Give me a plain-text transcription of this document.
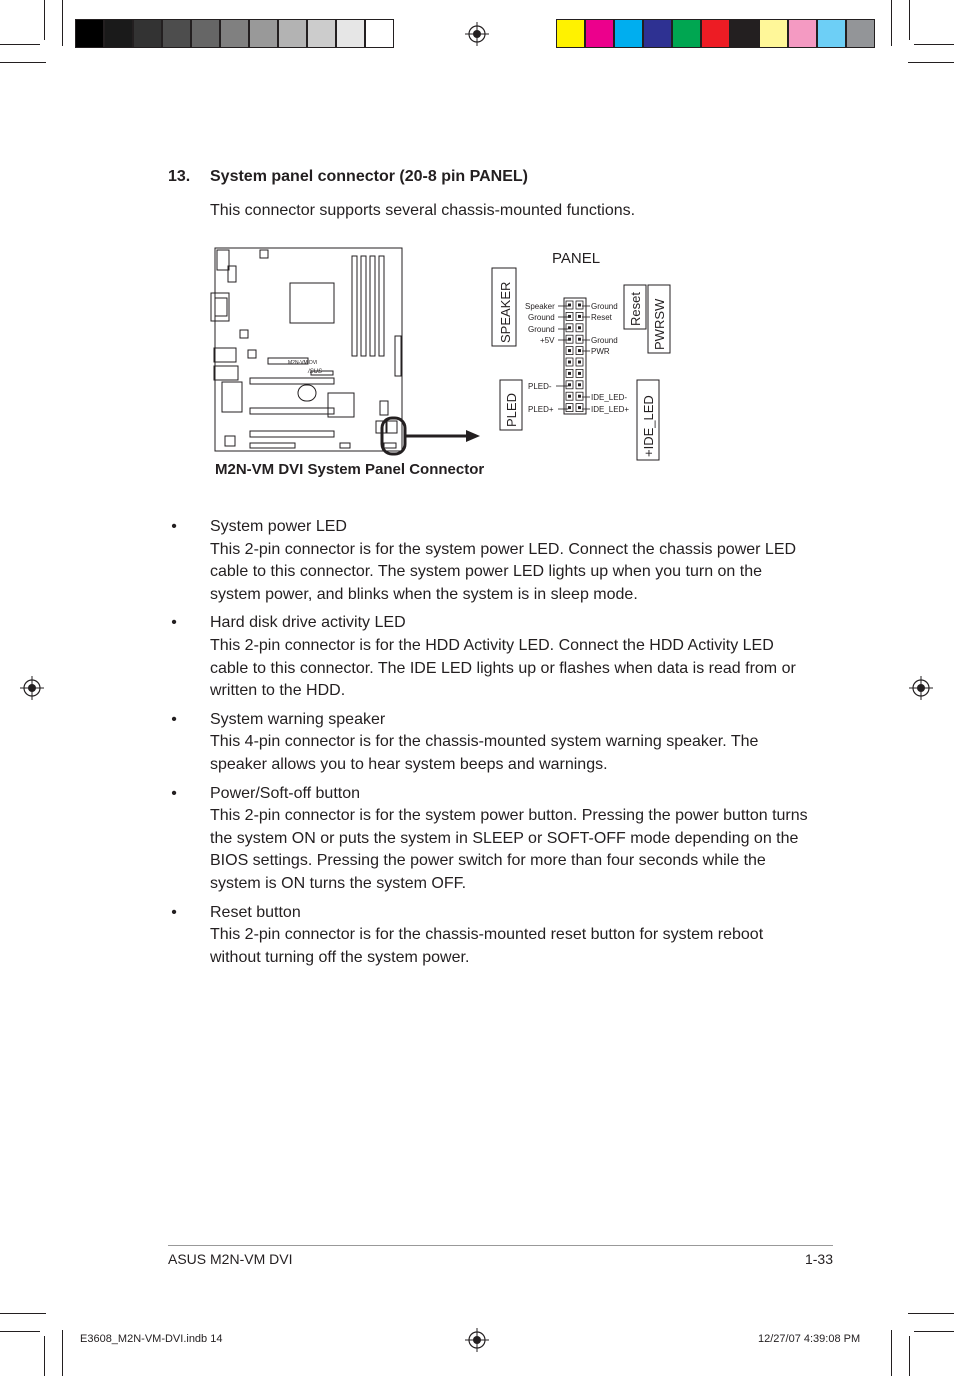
13. System panel connector (20-8 pin PANEL)
This connector supports several chassis-mounted functions.
M2N-VM DVI
/SUS
M2N-VM DVI System Panel Connector
PANEL
SPEAKER	Reset PWRSW
PLED	+IDE_LED
Speaker
Ground
Ground
+5V
PLED-
PLED+
Ground
Reset
Ground
PWR
IDE_LED-
IDE_LED+
• System power LED
This 2-pin connector is for the system power LED. Connect the chassis power LED cable to this connector. The system power LED lights up when you turn on the system power, and blinks when the system is in sleep mode.
• Hard disk drive activity LED
This 2-pin connector is for the HDD Activity LED. Connect the HDD Activity LED cable to this connector. The IDE LED lights up or flashes when data is read from or written to the HDD.
• System warning speaker
This 4-pin connector is for the chassis-mounted system warning speaker. The speaker allows you to hear system beeps and warnings.
• Power/Soft-off button
This 2-pin connector is for the system power button. Pressing the power button turns the system ON or puts the system in SLEEP or SOFT-OFF mode depending on the BIOS settings. Pressing the power switch for more than four seconds while the system is ON turns the system OFF.
• Reset button
This 2-pin connector is for the chassis-mounted reset button for system reboot without turning off the system power.
ASUS M2N-VM DVI	1-33
E3608_M2N-VM-DVI.indb 14	12/27/07 4:39:08 PM
